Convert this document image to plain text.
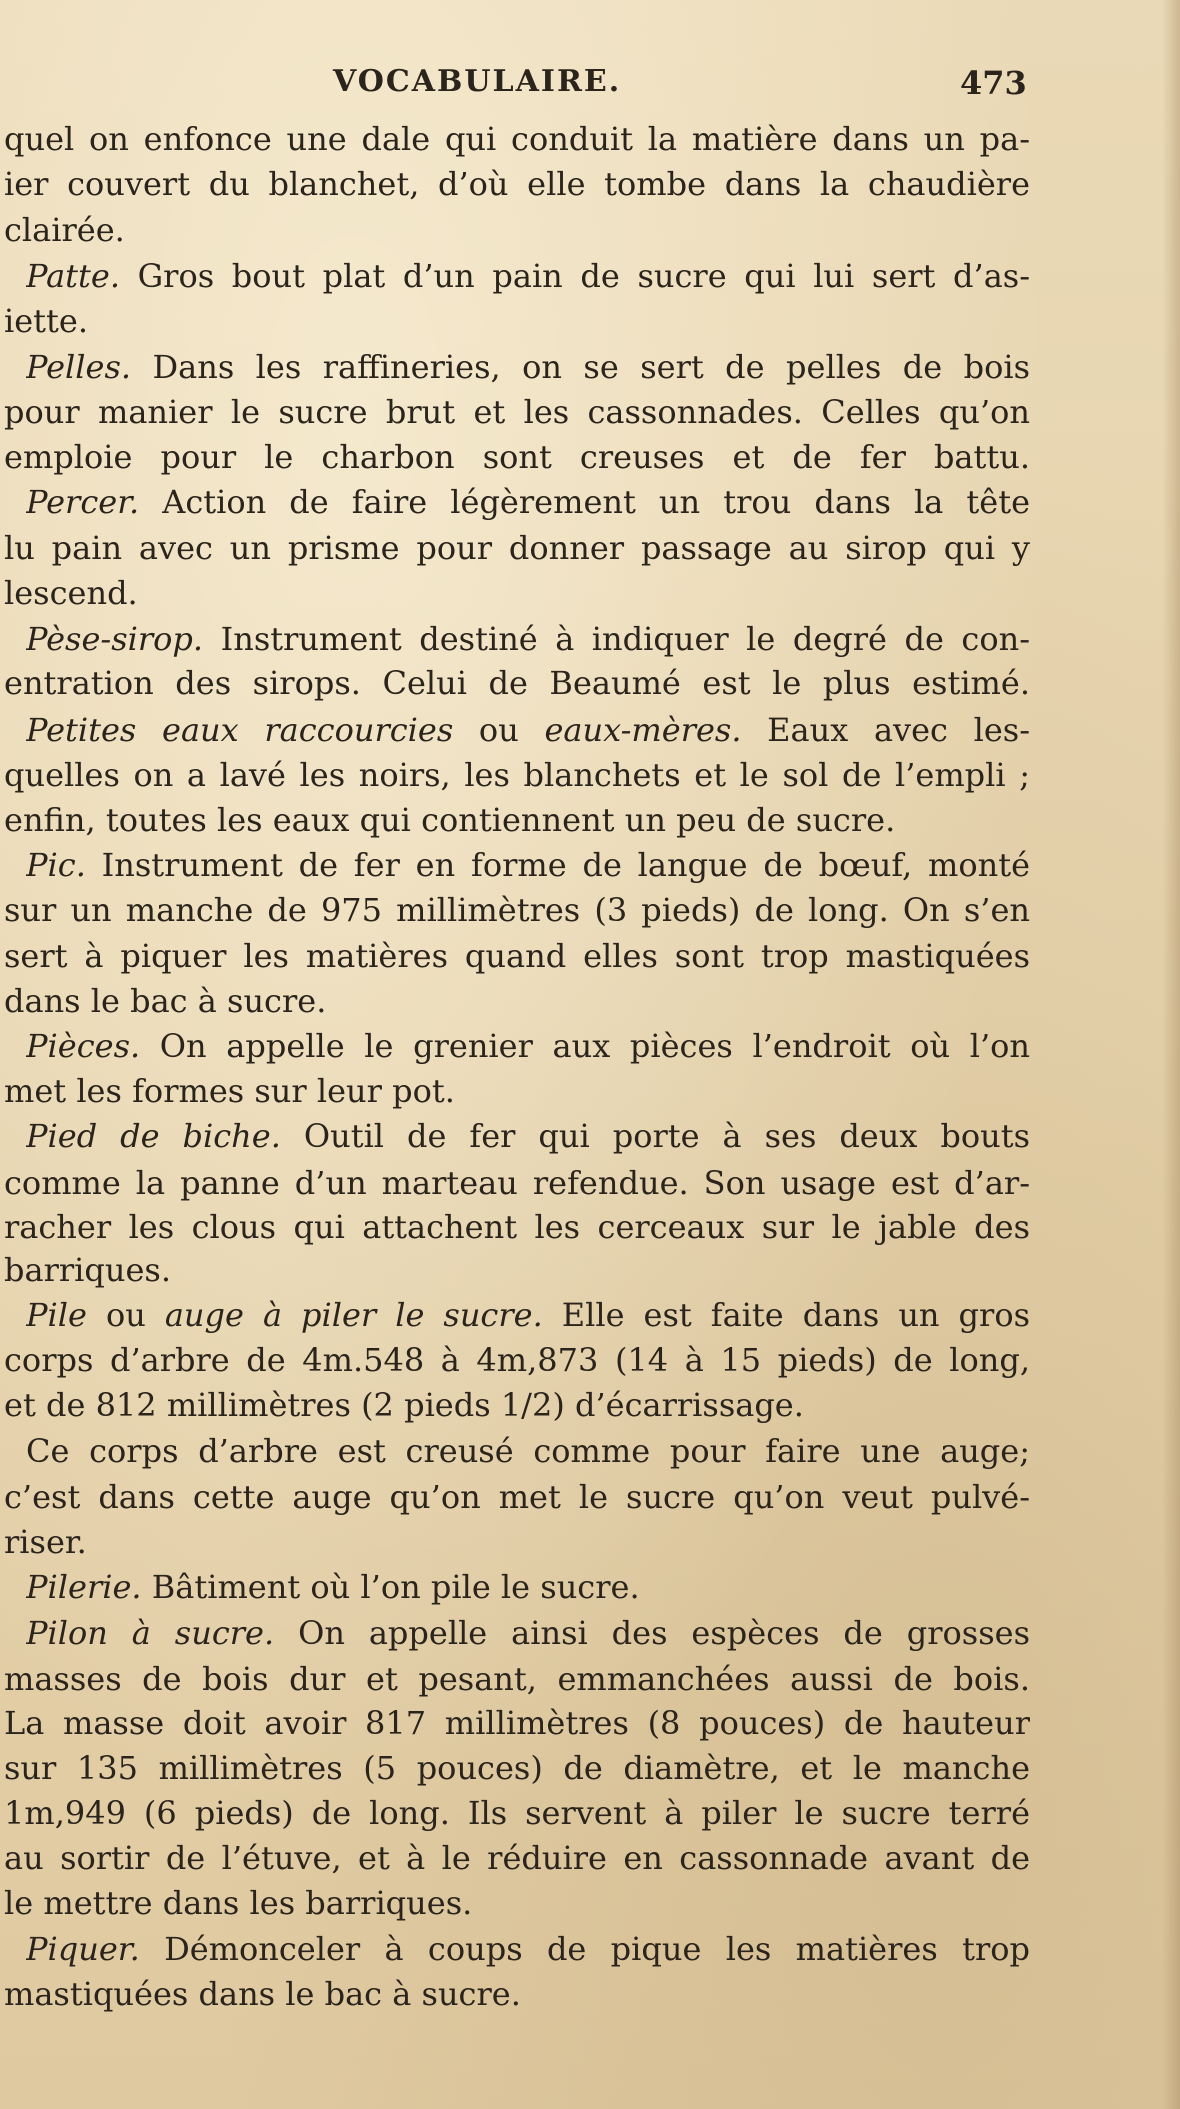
VOCABULAIRE.	473
quel on enfonce une dale qui conduit la matière dans un pa-
ier couvert du blanchet, d’où elle tombe dans la chaudière
clairée.
Patte. Gros bout plat d’un pain de sucre qui lui sert d’as-
iette.
Pelles. Dans les raffineries, on se sert de pelles de bois
pour manier le sucre brut et les cassonnades. Celles qu’on
emploie pour le charbon sont creuses et de fer battu.
Percer. Action de faire légèrement un trou dans la tête
lu pain avec un prisme pour donner passage au sirop qui y
lescend.
Pèse-sirop. Instrument destiné à indiquer le degré de con-
entration des sirops. Celui de Beaumé est le plus estimé.
Petites eaux raccourcies ou eaux-mères. Eaux avec les-
quelles on a lavé les noirs, les blanchets et le sol de l’empli ;
enfin, toutes les eaux qui contiennent un peu de sucre.
Pic. Instrument de fer en forme de langue de bœuf, monté
sur un manche de 975 millimètres (3 pieds) de long. On s’en
sert à piquer les matières quand elles sont trop mastiquées
dans le bac à sucre.
Pièces. On appelle le grenier aux pièces l’endroit où l’on
met les formes sur leur pot.
Pied de biche. Outil de fer qui porte à ses deux bouts
comme la panne d’un marteau refendue. Son usage est d’ar-
racher les clous qui attachent les cerceaux sur le jable des
barriques.
Pile ou auge à piler le sucre. Elle est faite dans un gros
corps d’arbre de 4m.548 à 4m,873 (14 à 15 pieds) de long,
et de 812 millimètres (2 pieds 1/2) d’écarrissage.
Ce corps d’arbre est creusé comme pour faire une auge;
c’est dans cette auge qu’on met le sucre qu’on veut pulvé-
riser.
Pilerie. Bâtiment où l’on pile le sucre.
Pilon à sucre. On appelle ainsi des espèces de grosses
masses de bois dur et pesant, emmanchées aussi de bois.
La masse doit avoir 817 millimètres (8 pouces) de hauteur
sur 135 millimètres (5 pouces) de diamètre, et le manche
1m,949 (6 pieds) de long. Ils servent à piler le sucre terré
au sortir de l’étuve, et à le réduire en cassonnade avant de
le mettre dans les barriques.
Piquer. Démonceler à coups de pique les matières trop
mastiquées dans le bac à sucre.
